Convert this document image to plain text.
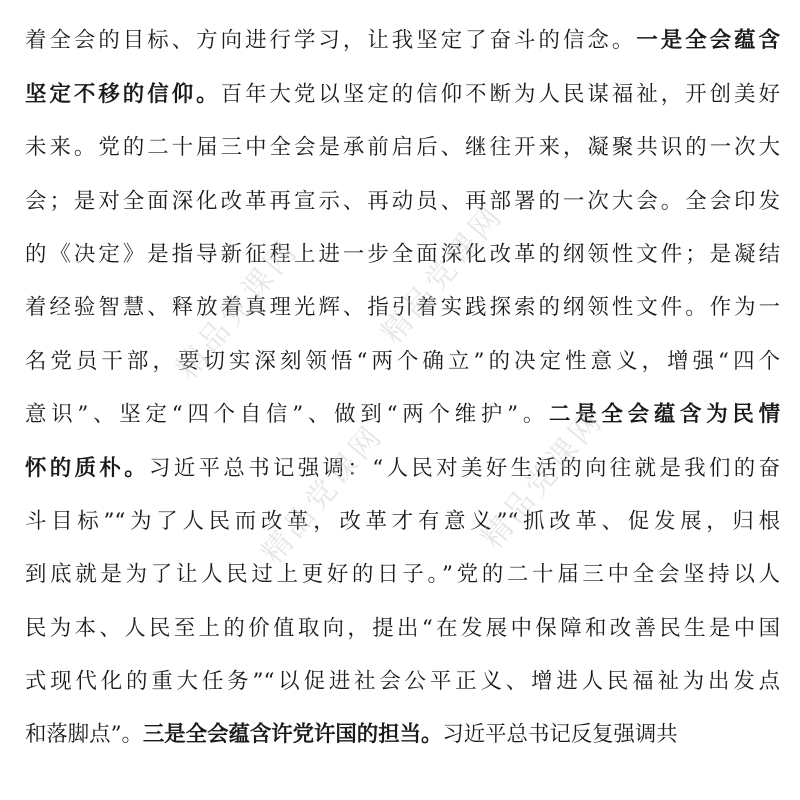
精品党课网 精品党课网
精品党课网
精品党课网
着全会的目标、方向进行学习，让我坚定了奋斗的信念。一是全会蕴含
坚定不移的信仰。百年大党以坚定的信仰不断为人民谋福祉，开创美好
未来。党的二十届三中全会是承前启后、继往开来，凝聚共识的一次大
会；是对全面深化改革再宣示、再动员、再部署的一次大会。全会印发
的《决定》是指导新征程上进一步全面深化改革的纲领性文件；是凝结
着经验智慧、释放着真理光辉、指引着实践探索的纲领性文件。作为一
名党员干部，要切实深刻领悟“两个确立”的决定性意义，增强“四个
意识”、坚定“四个自信”、做到“两个维护”。二是全会蕴含为民情
怀的质朴。习近平总书记强调：“人民对美好生活的向往就是我们的奋
斗目标”“为了人民而改革，改革才有意义”“抓改革、促发展，归根
到底就是为了让人民过上更好的日子。”党的二十届三中全会坚持以人
民为本、人民至上的价值取向，提出“在发展中保障和改善民生是中国
式现代化的重大任务”“以促进社会公平正义、增进人民福祉为出发点
和落脚点”。三是全会蕴含许党许国的担当。习近平总书记反复强调共
